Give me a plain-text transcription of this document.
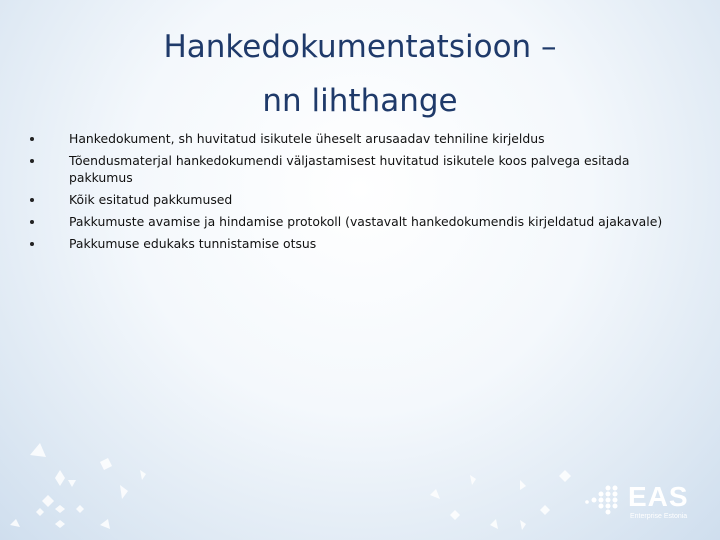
Hankedokumentatsioon –
nn lihthange
Hankedokument, sh huvitatud isikutele üheselt arusaadav tehniline kirjeldus
Tõendusmaterjal hankedokumendi väljastamisest huvitatud isikutele koos palvega esitada pakkumus
Kõik esitatud pakkumused
Pakkumuste avamise ja hindamise protokoll (vastavalt hankedokumendis kirjeldatud ajakavale)
Pakkumuse edukaks tunnistamise otsus
EAS
Enterprise Estonia
